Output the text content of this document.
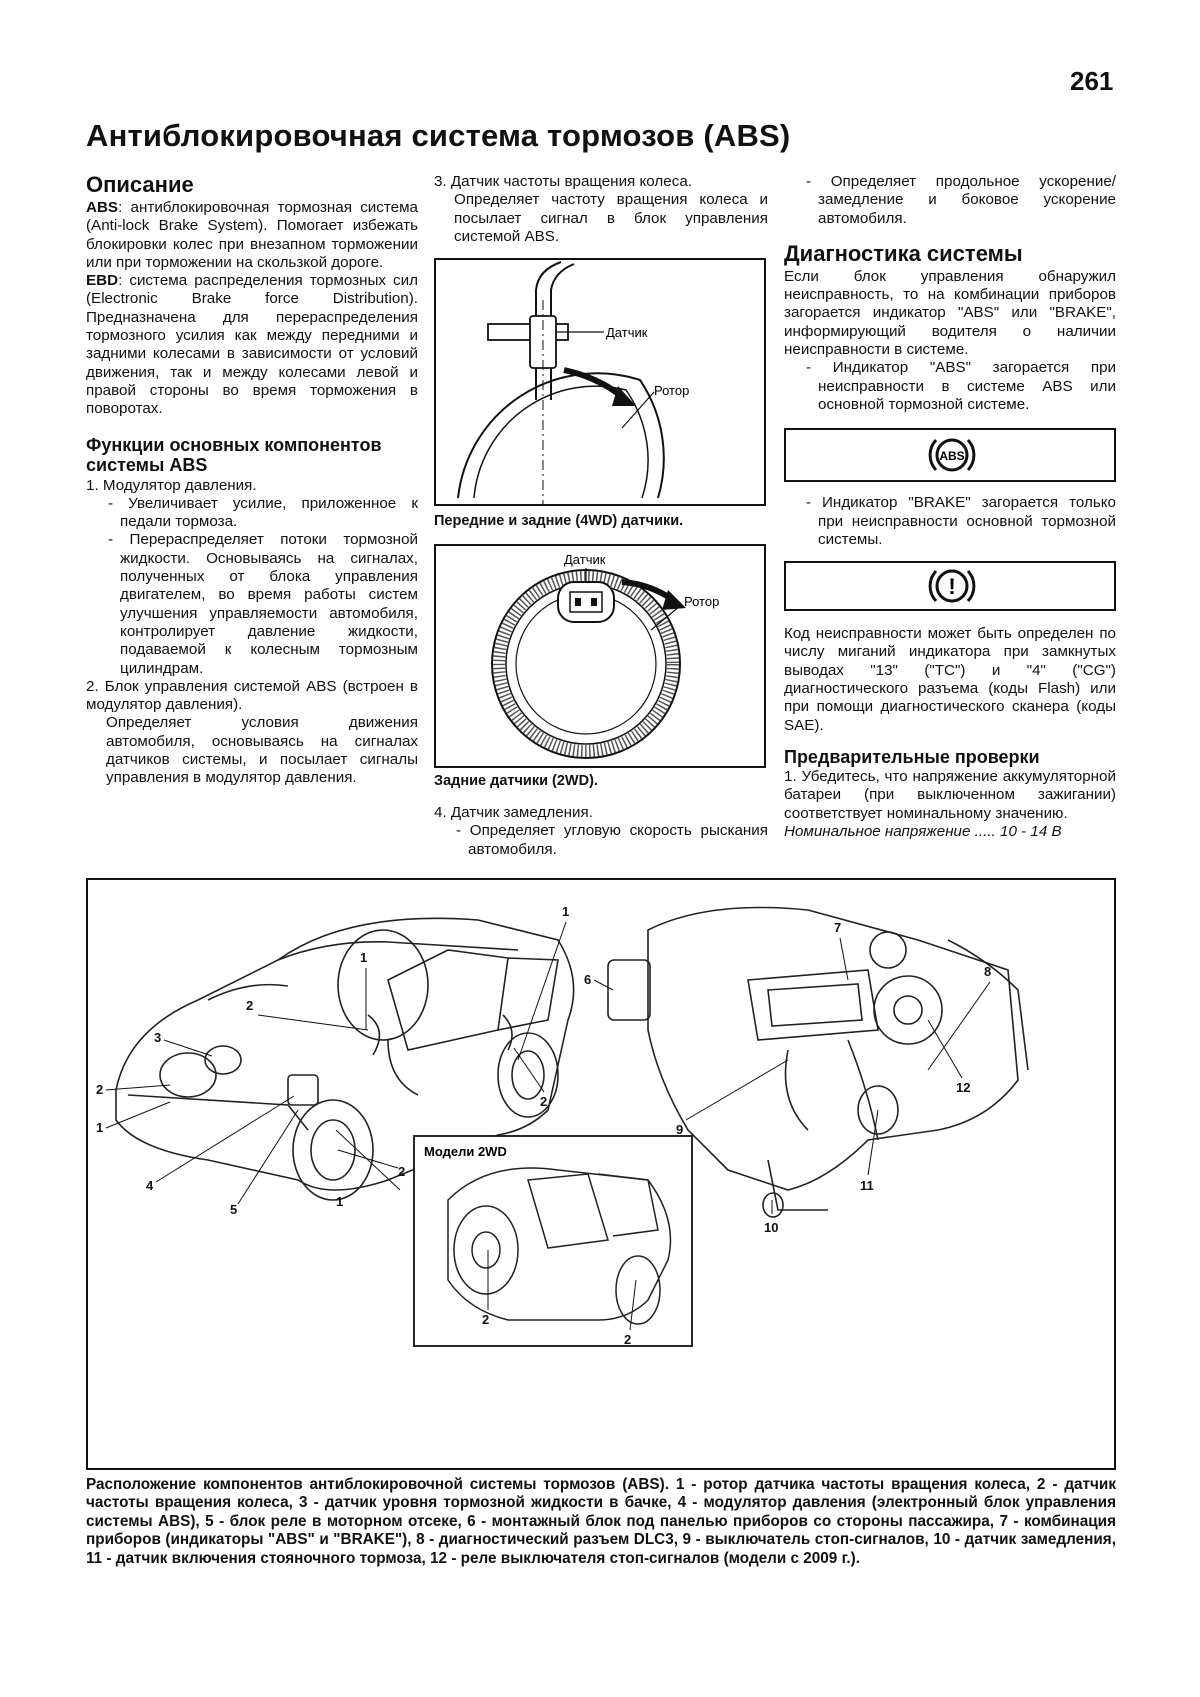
261
Антиблокировочная система тормозов (ABS)
Описание

ABS: антиблокировочная тормозная система (Anti-lock Brake System). Помогает избежать блокировки колес при внезапном торможении или при торможении на скользкой дороге.

EBD: система распределения тормозных сил (Electronic Brake force Distribution). Предназначена для перераспределения тормозного усилия как между передними и задними колесами в зависимости от условий движения, так и между колесами левой и правой стороны во время торможения в поворотах.

Функции основных компонентов системы ABS

1. Модулятор давления.

- Увеличивает усилие, приложенное к педали тормоза.

- Перераспределяет потоки тормозной жидкости. Основываясь на сигналах, полученных от блока управления двигателем, во время работы систем улучшения управляемости автомобиля, контролирует давление жидкости, подаваемой к колесным тормозным цилиндрам.

2. Блок управления системой ABS (встроен в модулятор давления).

Определяет условия движения автомобиля, основываясь на сигналах датчиков системы, и посылает сигналы управления в модулятор давления.

3. Датчик частоты вращения колеса.

Определяет частоту вращения колеса и посылает сигнал в блок управления системой ABS.

Датчик
Ротор
Передние и задние (4WD) датчики.
Датчик
Ротор
Задние датчики (2WD).

4. Датчик замедления.

- Определяет угловую скорость рыскания автомобиля.

- Определяет продольное ускорение/замедление и боковое ускорение автомобиля.
Диагностика системы
Если блок управления обнаружил неисправность, то на комбинации приборов загорается индикатор "ABS" или "BRAKE", информирующий водителя о наличии неисправности в системе.
- Индикатор "ABS" загорается при неисправности в системе ABS или основной тормозной системе.
ABS
- Индикатор "BRAKE" загорается только при неисправности основной тормозной системы.
!
Код неисправности может быть определен по числу миганий индикатора при замкнутых выводах "13" ("TC") и "4" ("CG") диагностического разъема (коды Flash) или при помощи диагностического сканера (коды SAE).
Предварительные проверки
1. Убедитесь, что напряжение аккумуляторной батареи (при выключенном зажигании) соответствует номинальному значению.
Номинальное напряжение ..... 10 - 14 В
Модели 2WD
1
2
3
2
1
4
5
1
2
1
2
6
7
8
12
9
11
10
2
2
Расположение компонентов антиблокировочной системы тормозов (ABS). 1 - ротор датчика частоты вращения колеса, 2 - датчик частоты вращения колеса, 3 - датчик уровня тормозной жидкости в бачке, 4 - модулятор давления (электронный блок управления системы ABS), 5 - блок реле в моторном отсеке, 6 - монтажный блок под панелью приборов со стороны пассажира, 7 - комбинация приборов (индикаторы "ABS" и "BRAKE"), 8 - диагностический разъем DLC3, 9 - выключатель стоп-сигналов, 10 - датчик замедления, 11 - датчик включения стояночного тормоза, 12 - реле выключателя стоп-сигналов (модели с 2009 г.).
